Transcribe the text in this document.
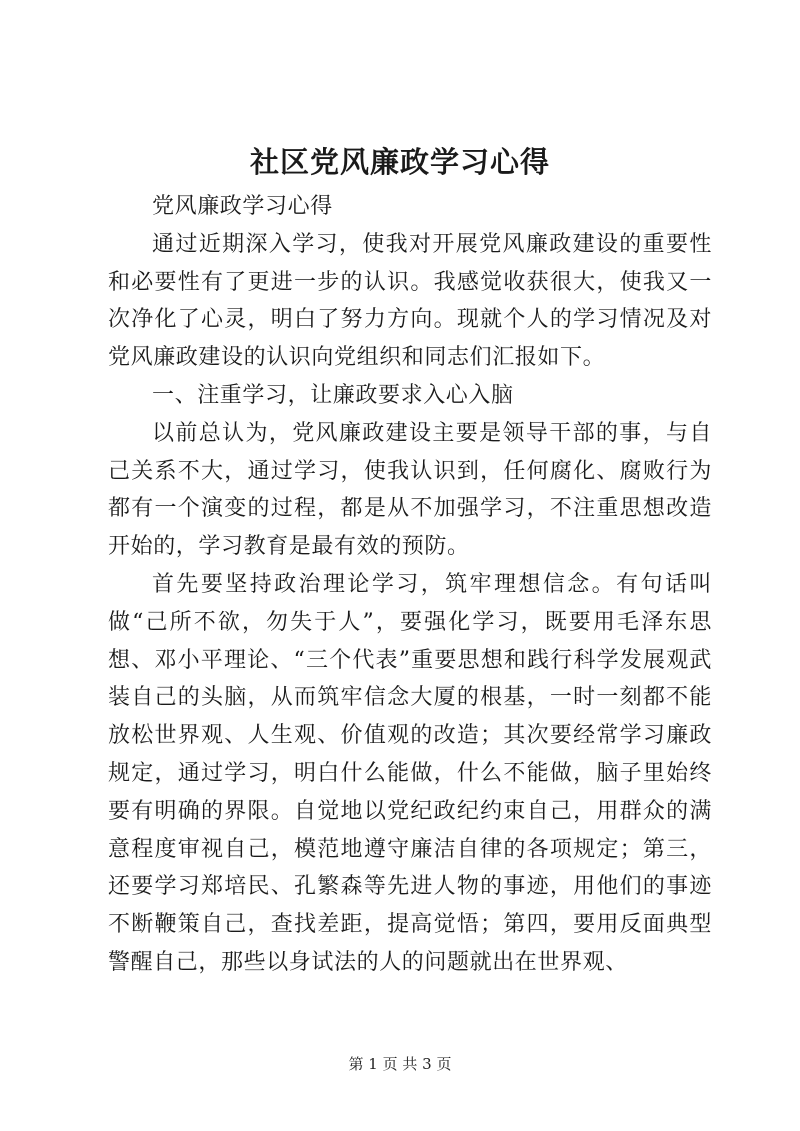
社区党风廉政学习心得

党风廉政学习心得

通过近期深入学习，使我对开展党风廉政建设的重要性和必要性有了更进一步的认识。我感觉收获很大，使我又一次净化了心灵，明白了努力方向。现就个人的学习情况及对党风廉政建设的认识向党组织和同志们汇报如下。

一、注重学习，让廉政要求入心入脑

以前总认为，党风廉政建设主要是领导干部的事，与自己关系不大，通过学习，使我认识到，任何腐化、腐败行为都有一个演变的过程，都是从不加强学习，不注重思想改造开始的，学习教育是最有效的预防。

首先要坚持政治理论学习，筑牢理想信念。有句话叫做“己所不欲，勿失于人”，要强化学习，既要用毛泽东思想、邓小平理论、“三个代表”重要思想和践行科学发展观武装自己的头脑，从而筑牢信念大厦的根基，一时一刻都不能放松世界观、人生观、价值观的改造；其次要经常学习廉政规定，通过学习，明白什么能做，什么不能做，脑子里始终要有明确的界限。自觉地以党纪政纪约束自己，用群众的满意程度审视自己，模范地遵守廉洁自律的各项规定；第三，还要学习郑培民、孔繁森等先进人物的事迹，用他们的事迹不断鞭策自己，查找差距，提高觉悟；第四，要用反面典型警醒自己，那些以身试法的人的问题就出在世界观、

第 1 页 共 3 页
